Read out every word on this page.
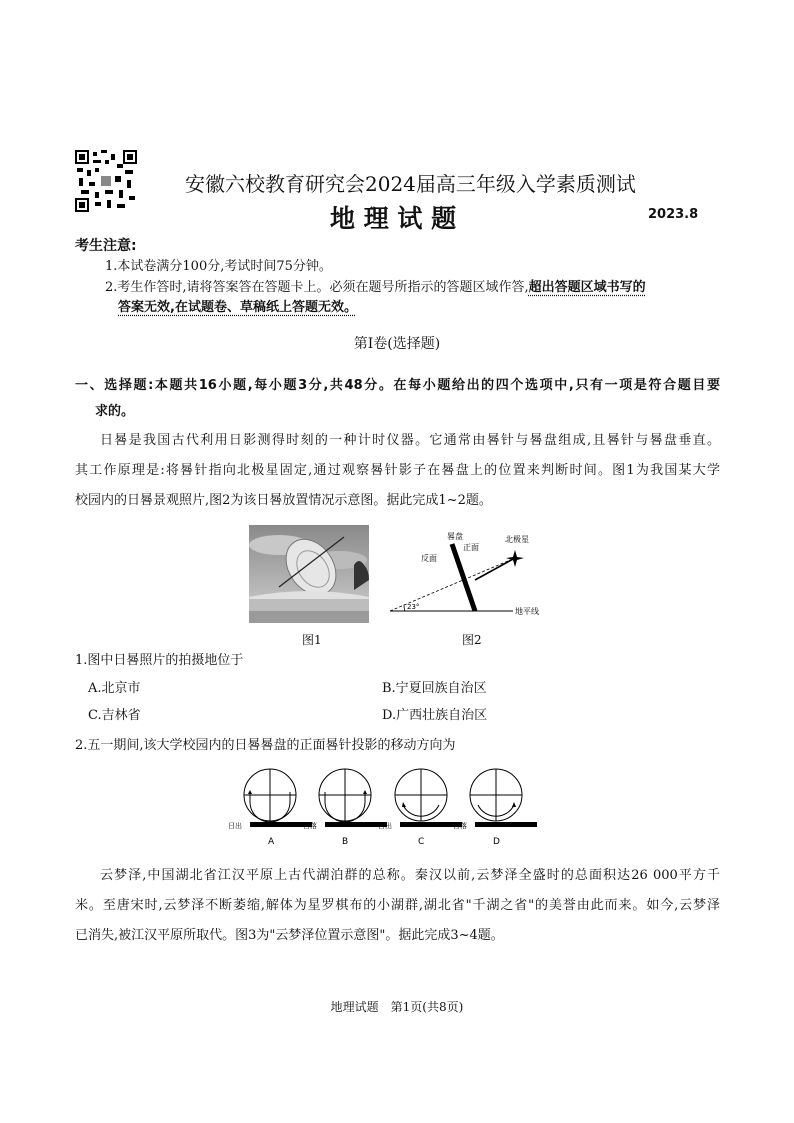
安徽六校教育研究会2024届高三年级入学素质测试
地 理 试 题	2023.8
考生注意:
1.本试卷满分100分,考试时间75分钟。
2.考生作答时,请将答案答在答题卡上。必须在题号所指示的答题区域作答,超出答题区域书写的
答案无效,在试题卷、草稿纸上答题无效。
第Ⅰ卷(选择题)
一、选择题:本题共16小题,每小题3分,共48分。在每小题给出的四个选项中,只有一项是符合题目要
求的。
日晷是我国古代利用日影测得时刻的一种计时仪器。它通常由晷针与晷盘组成,且晷针与晷盘垂直。
其工作原理是:将晷针指向北极星固定,通过观察晷针影子在晷盘上的位置来判断时间。图1为我国某大学
校园内的日晷景观照片,图2为该日晷放置情况示意图。据此完成1~2题。
图1
晷盘
正面
反面
北极星
地平线
23°
图2
1.图中日晷照片的拍摄地位于
A.北京市	B.宁夏回族自治区
C.吉林省	D.广西壮族自治区
2.五一期间,该大学校园内的日晷晷盘的正面晷针投影的移动方向为
日出
A
日落
B
日出
C
日落
D
云梦泽,中国湖北省江汉平原上古代湖泊群的总称。秦汉以前,云梦泽全盛时的总面积达26 000平方千
米。至唐宋时,云梦泽不断萎缩,解体为星罗棋布的小湖群,湖北省"千湖之省"的美誉由此而来。如今,云梦泽
已消失,被江汉平原所取代。图3为"云梦泽位置示意图"。据此完成3~4题。
地理试题　第1页(共8页)
